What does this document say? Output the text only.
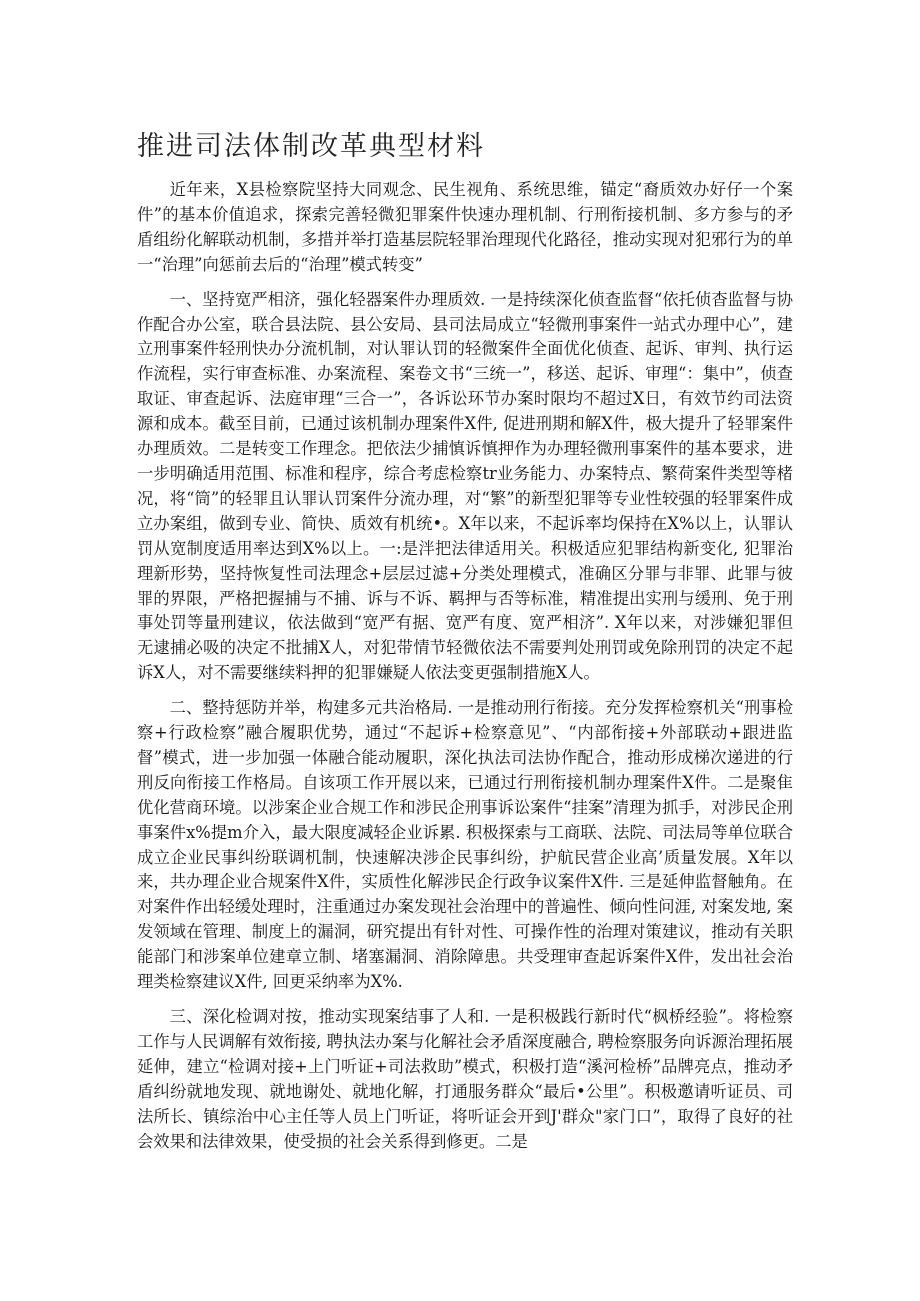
推进司法体制改革典型材料

近年来，X县检察院坚持大同观念、民生视角、系统思维，锚定“裔质效办好仔一个案件”的基本价值追求，探索完善轻微犯罪案件快速办理机制、行刑衔接机制、多方参与的矛盾组纷化解联动机制，多措并举打造基层院轻罪治理现代化路径，推动实现对犯邪行为的单一“治理”向惩前去后的“治理”模式转变”

一、坚持宽严相济，强化轻器案件办理质效. 一是持续深化侦查监督“依托侦杳监督与协作配合办公室，联合县法院、县公安局、县司法局成立“轻微刑事案件一站式办理中心”，建立刑事案件轻刑快办分流机制，对认罪认罚的轻微案件全面优化侦查、起诉、审判、执行运作流程，实行审查标准、办案流程、案卷文书“三统一”，移送、起诉、审理“：集中”，侦查取证、审查起诉、法庭审理“三合一”，各诉讼环节办案时限均不超过X日，有效节约司法资源和成本。截至目前，已通过该机制办理案件X件, 促进刑期和解X件，极大提升了轻罪案件办理质效。二是转变工作理念。把依法少捕慎诉慎押作为办理轻微刑事案件的基本要求，进一步明确适用范围、标准和程序，综合考虑检察tr业务能力、办案特点、繁荷案件类型等楮况，将“筒”的轻罪且认罪认罚案件分流办理，对“繁”的新型犯罪等专业性较强的轻罪案件成立办案组，做到专业、简快、质效有机统•。X年以来，不起诉率均保持在X%以上，认罪认罚从宽制度适用率达到X%以上。一:是泮把法律适用关。积极适应犯罪结构新变化, 犯罪治理新形势，坚持恢复性司法理念+层层过滤+分类处理模式，准确区分罪与非罪、此罪与彼罪的界限，严格把握捕与不捕、诉与不诉、羁押与否等标准，精准提出实刑与缓刑、免于刑事处罚等量刑建议，依法做到“宽严有据、宽严有度、宽严相济”. X年以来，对涉嫌犯罪但无逮捕必吸的决定不批捕X人，对犯带情节轻微依法不需要判处刑罚或免除刑罚的决定不起诉X人，对不需要继续料押的犯罪嫌疑人依法变更强制措施X人。

二、整持惩防并举，构建多元共治格局. 一是推动刑行衔接。充分发挥检察机关“刑事检察+行政检察”融合履职优势，通过“不起诉+检察意见”、“内部衔接+外部联动+跟进监督”模式，进一步加强一体融合能动履职，深化执法司法协作配合，推动形成梯次递进的行刑反向衔接工作格局。自该项工作开展以来，已通过行刑衔接机制办理案件X件。二是聚隹优化营商环境。以涉案企业合规工作和涉民企刑事诉讼案件“挂案”清理为抓手，对涉民企刑事案件x%提m介入，最大限度减轻企业诉累. 积极探索与工商联、法院、司法局等单位联合成立企业民事纠纷联调机制，快速解决涉企民事纠纷，护航民营企业高’质量发展。X年以来，共办理企业合规案件X件，实质性化解涉民企行政争议案件X件. 三是延伸监督触角。在对案件作出轻缓处理时，注重通过办案发现社会治理中的普遍性、倾向性问涯, 对案发地, 案发领域在管理、制度上的漏洞，研究提出有针对性、可操作性的治理对策建议，推动有关职能部门和涉案单位建章立制、堵塞漏洞、消除障患。共受理审查起诉案件X件，发出社会治理类检察建议X件, 回更采纳率为X%.

三、深化检调对按，推动实现案结事了人和. 一是积极践行新时代“枫桥经验”。将检察工作与人民调解有效衔接, 聘执法办案与化解社会矛盾深度融合, 聘检察服务向诉源治理拓展延伸，建立“检调对接+上门听证+司法救助”模式，积极打造“溪河检桥”品牌亮点，推动矛盾纠纷就地发现、就地谢处、就地化解，打通服务群众“最后•公里”。积极邀请听证员、司法所长、镇综治中心主任等人员上门听证，将听证会开到J'群众"家门口”，取得了良好的社会效果和法律效果，使受损的社会关系得到修更。二是
